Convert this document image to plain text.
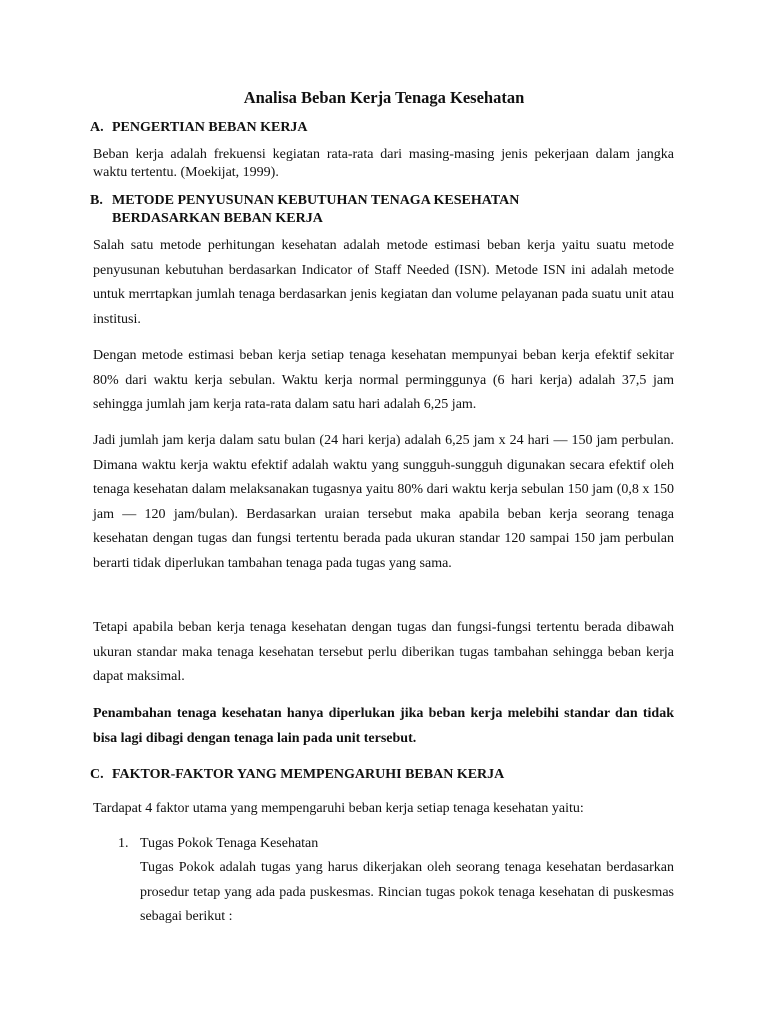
Analisa Beban Kerja Tenaga Kesehatan
A. PENGERTIAN BEBAN KERJA

Beban kerja adalah frekuensi kegiatan rata-rata dari masing-masing jenis pekerjaan dalam jangka waktu tertentu. (Moekijat, 1999).

B. METODE PENYUSUNAN KEBUTUHAN TENAGA KESEHATAN
BERDASARKAN BEBAN KERJA

Salah satu metode perhitungan kesehatan adalah metode estimasi beban kerja yaitu suatu metode penyusunan kebutuhan berdasarkan Indicator of Staff Needed (ISN). Metode ISN ini adalah metode untuk merrtapkan jumlah tenaga berdasarkan jenis kegiatan dan volume pelayanan pada suatu unit atau institusi.

Dengan metode estimasi beban kerja setiap tenaga kesehatan mempunyai beban kerja efektif sekitar 80% dari waktu kerja sebulan. Waktu kerja normal perminggunya (6 hari kerja) adalah 37,5 jam sehingga jumlah jam kerja rata-rata dalam satu hari adalah 6,25 jam.

Jadi jumlah jam kerja dalam satu bulan (24 hari kerja) adalah 6,25 jam x 24 hari — 150 jam perbulan. Dimana waktu kerja waktu efektif adalah waktu yang sungguh-sungguh digunakan secara efektif oleh tenaga kesehatan dalam melaksanakan tugasnya yaitu 80% dari waktu kerja sebulan 150 jam (0,8 x 150 jam — 120 jam/bulan). Berdasarkan uraian tersebut maka apabila beban kerja seorang tenaga kesehatan dengan tugas dan fungsi tertentu berada pada ukuran standar 120 sampai 150 jam perbulan berarti tidak diperlukan tambahan tenaga pada tugas yang sama.

Tetapi apabila beban kerja tenaga kesehatan dengan tugas dan fungsi-fungsi tertentu berada dibawah ukuran standar maka tenaga kesehatan tersebut perlu diberikan tugas tambahan sehingga beban kerja dapat maksimal.

Penambahan tenaga kesehatan hanya diperlukan jika beban kerja melebihi standar dan tidak bisa lagi dibagi dengan tenaga lain pada unit tersebut.

C. FAKTOR-FAKTOR YANG MEMPENGARUHI BEBAN KERJA

Tardapat 4 faktor utama yang mempengaruhi beban kerja setiap tenaga kesehatan yaitu:

1. Tugas Pokok Tenaga Kesehatan

Tugas Pokok adalah tugas yang harus dikerjakan oleh seorang tenaga kesehatan berdasarkan prosedur tetap yang ada pada puskesmas. Rincian tugas pokok tenaga kesehatan di puskesmas sebagai berikut :
